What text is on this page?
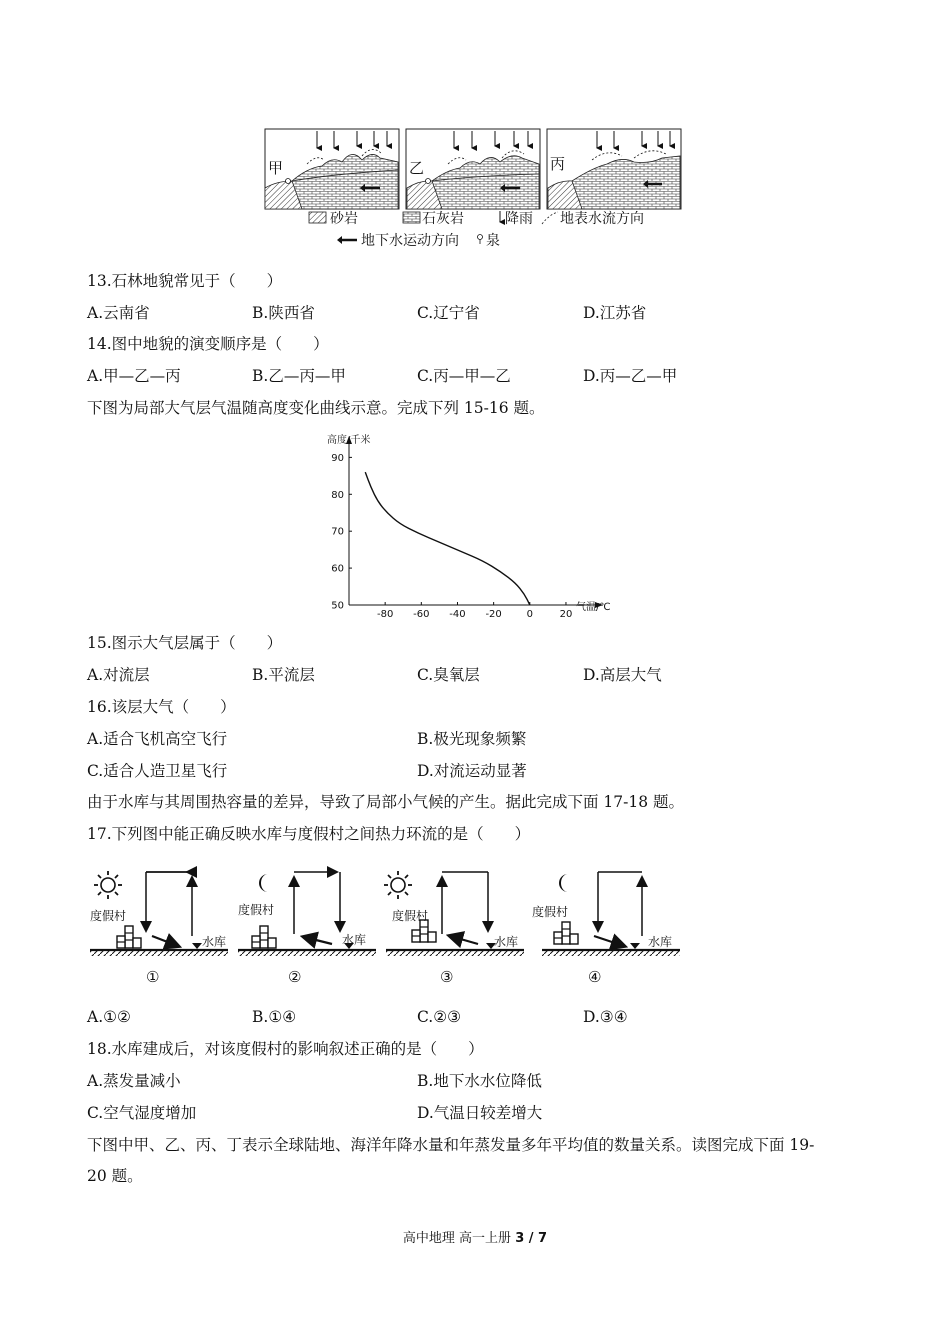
甲	乙	丙
砂岩	石灰岩	降雨 地表水流方向
地下水运动方向 泉
13.石林地貌常见于（　　）
A.云南省	B.陕西省	C.辽宁省	D.江苏省
14.图中地貌的演变顺序是（　　）
A.甲—乙—丙	B.乙—丙—甲	C.丙—甲—乙	D.丙—乙—甲
下图为局部大气层气温随高度变化曲线示意。完成下列 15-16 题。
-80 -60 -40 -20 0	20
50
60
70
80
90
高度/千米
气温/℃
15.图示大气层属于（　　）
A.对流层	B.平流层	C.臭氧层	D.高层大气
16.该层大气（　　）
A.适合飞机高空飞行	B.极光现象频繁
C.适合人造卫星飞行	D.对流运动显著
由于水库与其周围热容量的差异，导致了局部小气候的产生。据此完成下面 17-18 题。
17.下列图中能正确反映水库与度假村之间热力环流的是（　　）
度假村
水库
①
度假村
水库
②
度假村
水库
③
度假村
水库
④
A.①②	B.①④	C.②③	D.③④
18.水库建成后，对该度假村的影响叙述正确的是（　　）
A.蒸发量减小	B.地下水水位降低
C.空气湿度增加	D.气温日较差增大
下图中甲、乙、丙、丁表示全球陆地、海洋年降水量和年蒸发量多年平均值的数量关系。读图完成下面 19-
20 题。
高中地理 高一上册 3 / 7
